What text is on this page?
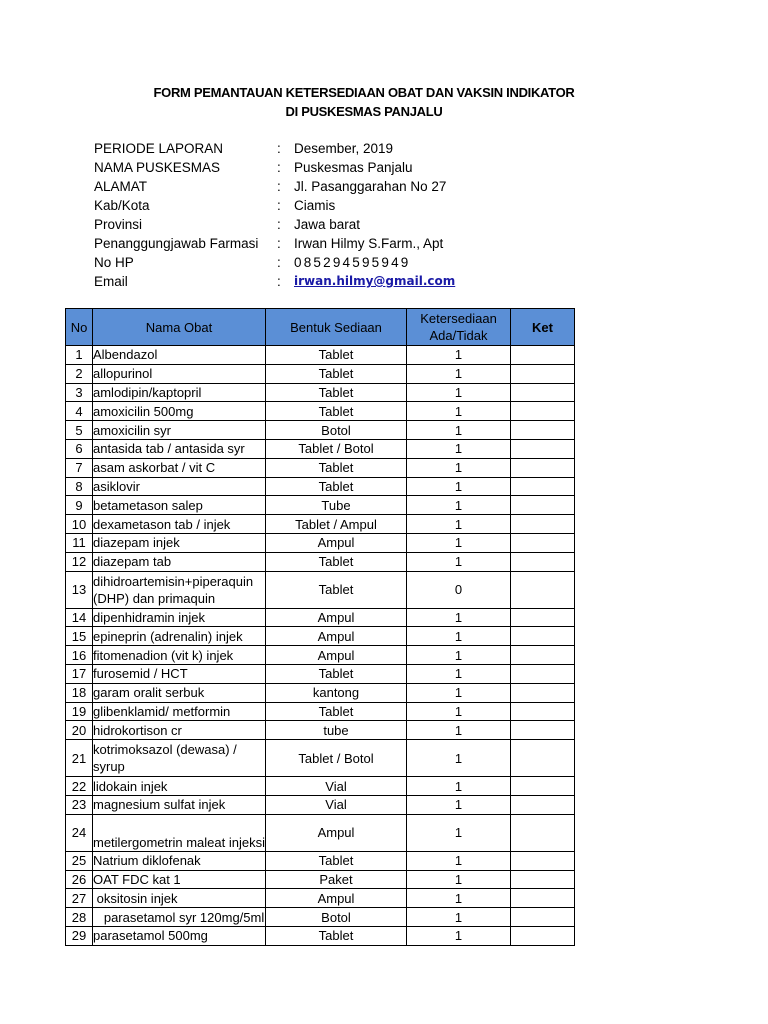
FORM PEMANTAUAN KETERSEDIAAN OBAT DAN VAKSIN INDIKATOR
DI PUSKESMAS PANJALU
PERIODE LAPORAN	: Desember, 2019
NAMA PUSKESMAS	: Puskesmas Panjalu
ALAMAT	: Jl. Pasanggarahan No 27
Kab/Kota	: Ciamis
Provinsi	: Jawa barat
Penanggungjawab Farmasi : Irwan Hilmy S.Farm., Apt
No HP	: 085294595949
Email	: irwan.hilmy@gmail.com
No	Nama Obat	Bentuk Sediaan	Ketersediaan
Ada/Tidak	Ket
1	Albendazol	Tablet	1	
2	allopurinol	Tablet	1	
3	amlodipin/kaptopril	Tablet	1	
4	amoxicilin 500mg	Tablet	1	
5	amoxicilin syr	Botol	1	
6	antasida tab / antasida syr	Tablet / Botol	1	
7	asam askorbat / vit C	Tablet	1	
8	asiklovir	Tablet	1	
9	betametason salep	Tube	1	
10	dexametason tab / injek	Tablet / Ampul	1	
11	diazepam injek	Ampul	1	
12	diazepam tab	Tablet	1	
13	dihidroartemisin+piperaquin (DHP) dan primaquin	Tablet	0	
14	dipenhidramin injek	Ampul	1	
15	epineprin (adrenalin) injek	Ampul	1	
16	fitomenadion (vit k) injek	Ampul	1	
17	furosemid / HCT	Tablet	1	
18	garam oralit serbuk	kantong	1	
19	glibenklamid/ metformin	Tablet	1	
20	hidrokortison cr	tube	1	
21	kotrimoksazol (dewasa) / syrup	Tablet / Botol	1	
22	lidokain injek	Vial	1	
23	magnesium sulfat injek	Vial	1	
24	metilergometrin maleat injeksi	Ampul	1	
25	Natrium diklofenak	Tablet	1	
26	OAT FDC kat 1	Paket	1	
27	oksitosin injek	Ampul	1	
28	parasetamol syr 120mg/5ml	Botol	1	
29	parasetamol 500mg	Tablet	1	
